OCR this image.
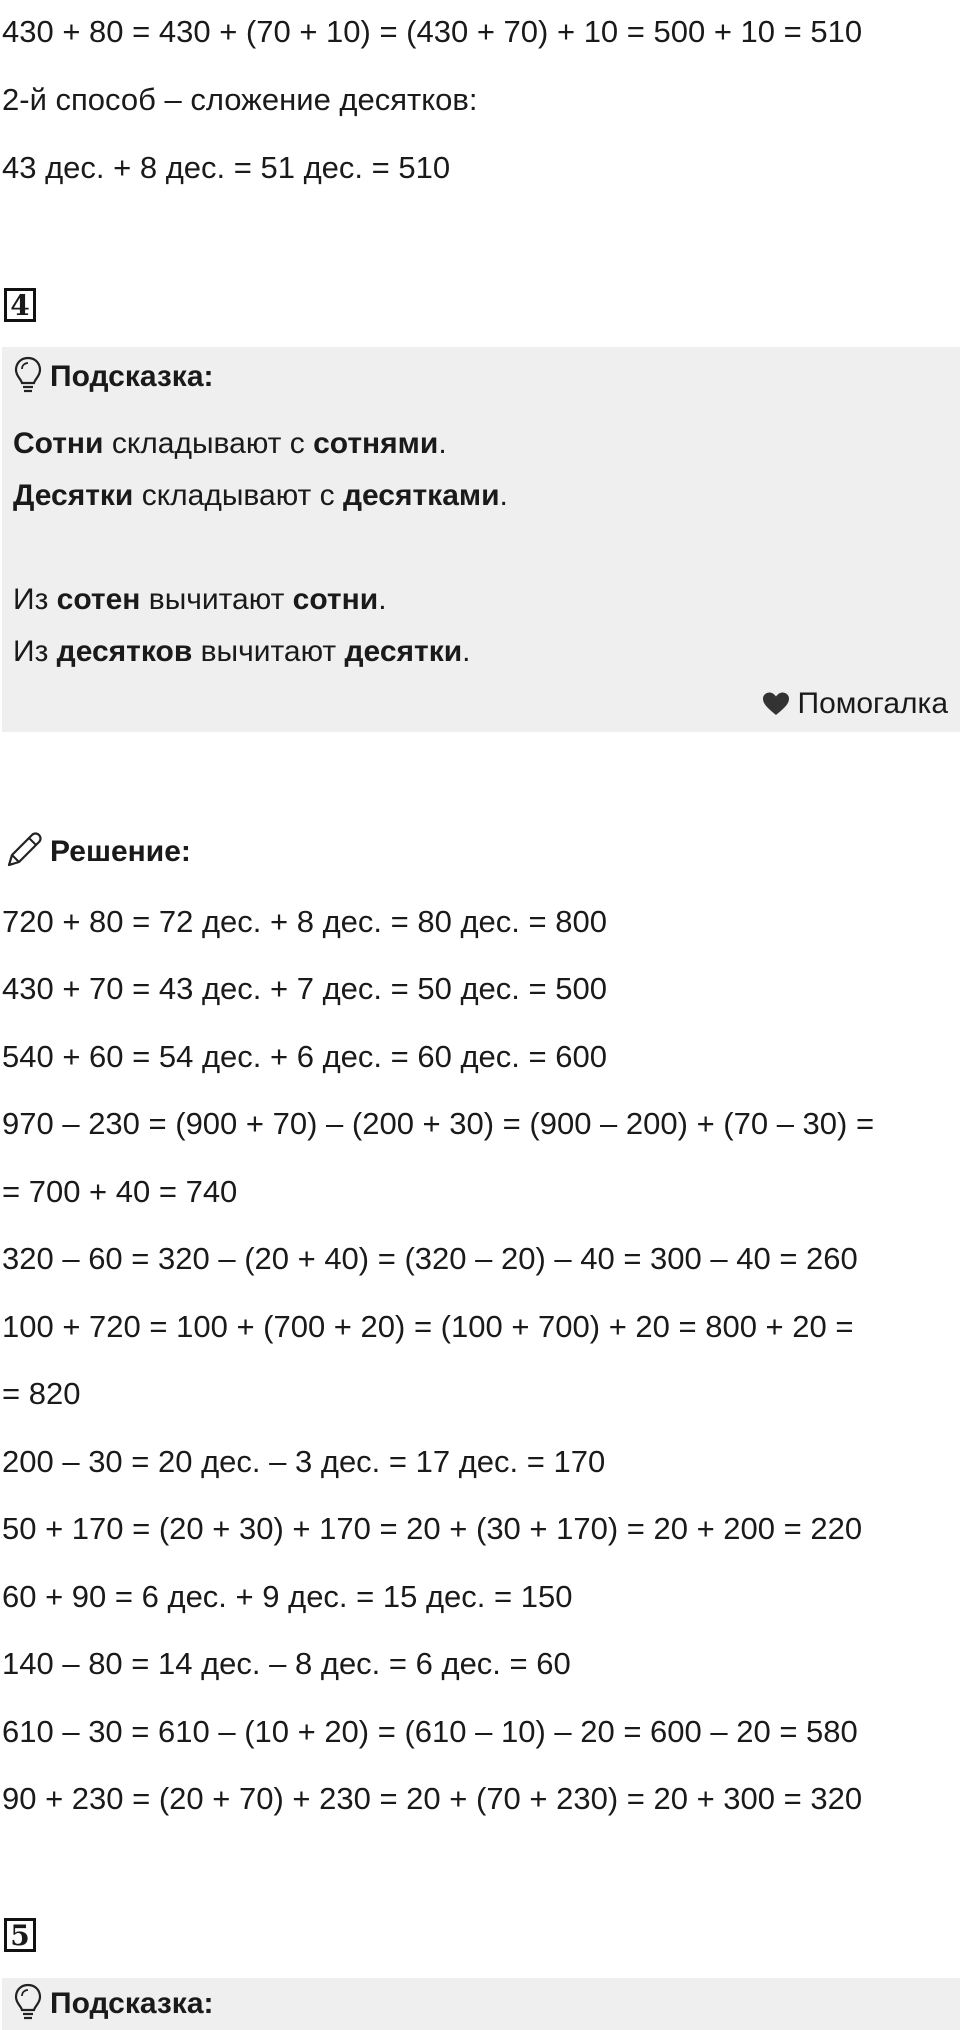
430 + 80 = 430 + (70 + 10) = (430 + 70) + 10 = 500 + 10 = 510
2-й способ – сложение десятков:
43 дес. + 8 дес. = 51 дес. = 510
4
Подсказка:
Сотни складывают с сотнями.
Десятки складывают с десятками.
Из сотен вычитают сотни.
Из десятков вычитают десятки.
Помогалка
Решение:
720 + 80 = 72 дес. + 8 дес. = 80 дес. = 800
430 + 70 = 43 дес. + 7 дес. = 50 дес. = 500
540 + 60 = 54 дес. + 6 дес. = 60 дес. = 600
970 – 230 = (900 + 70) – (200 + 30) = (900 – 200) + (70 – 30) =
= 700 + 40 = 740
320 – 60 = 320 – (20 + 40) = (320 – 20) – 40 = 300 – 40 = 260
100 + 720 = 100 + (700 + 20) = (100 + 700) + 20 = 800 + 20 =
= 820
200 – 30 = 20 дес. – 3 дес. = 17 дес. = 170
50 + 170 = (20 + 30) + 170 = 20 + (30 + 170) = 20 + 200 = 220
60 + 90 = 6 дес. + 9 дес. = 15 дес. = 150
140 – 80 = 14 дес. – 8 дес. = 6 дес. = 60
610 – 30 = 610 – (10 + 20) = (610 – 10) – 20 = 600 – 20 = 580
90 + 230 = (20 + 70) + 230 = 20 + (70 + 230) = 20 + 300 = 320
5
Подсказка:
